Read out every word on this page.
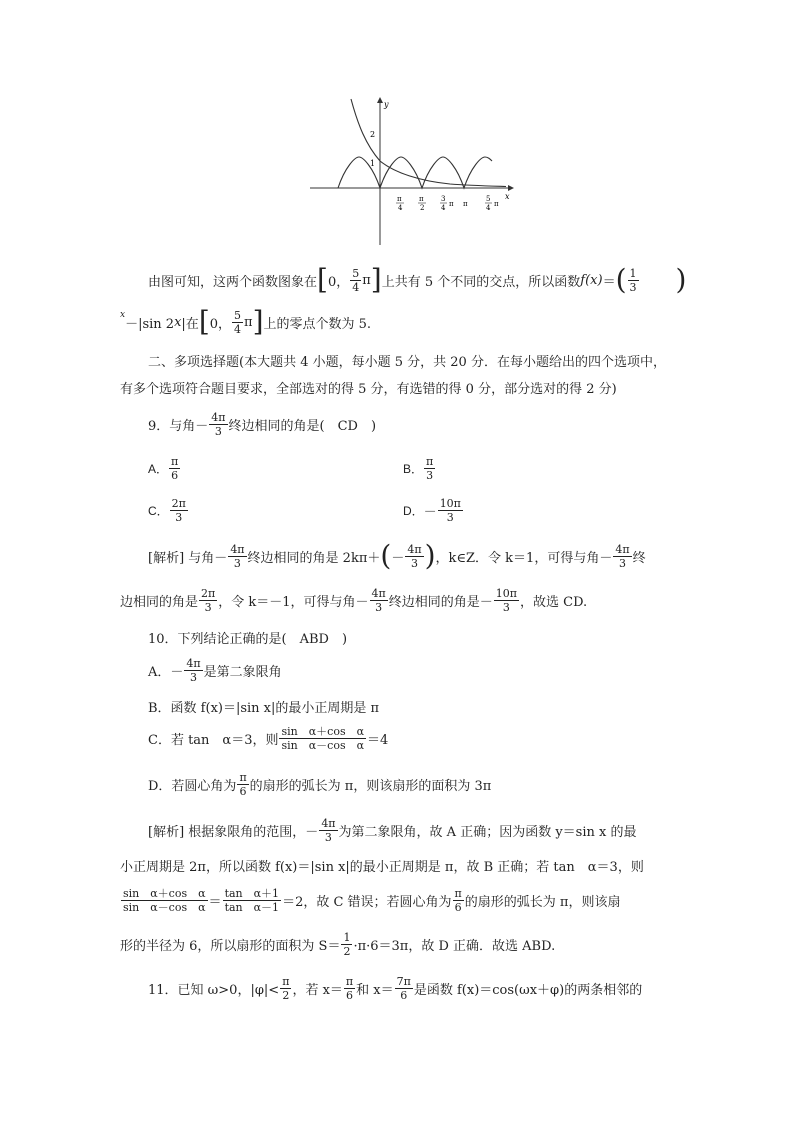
y
x
2
1
π
4
π
2
3
4 π π
5
4 π
由图可知，这两个函数图象在 [ 0， $\frac{5}{4}$ π ] 上共有 5 个不同的交点，所以函数 f(x) ＝ ( $\frac{1}{3}$ )
x
－|sin 2 x |在 [ 0， $\frac{5}{4}$ π ] 上的零点个数为 5.
二、多项选择题(本大题共 4 小题，每小题 5 分，共 20 分．在每小题给出的四个选项中，
有多个选项符合题目要求，全部选对的得 5 分，有选错的得 0 分，部分选对的得 2 分)
9．与角－ $\frac{4\pi}{3}$ 终边相同的角是(　CD　)
A． $\frac{\pi}{6}$	B． $\frac{\pi}{3}$
C． $\frac{2\pi}{3}$	D． － $\frac{10\pi}{3}$
[解析]
与角－ $\frac{4\pi}{3}$ 终边相同的角是 2kπ＋ ( － $\frac{4\pi}{3}$ ) ，k∈Z．令 k＝1，可得与角－ $\frac{4\pi}{3}$ 终
边相同的角是 $\frac{2\pi}{3}$ ，令 k＝－1，可得与角－ $\frac{4\pi}{3}$ 终边相同的角是－ $\frac{10\pi}{3}$ ，故选 CD.
10．下列结论正确的是(　ABD　)
A．－ $\frac{4\pi}{3}$ 是第二象限角
B．函数 f(x)＝|sin x|的最小正周期是 π
C．若 tan　α＝3，则 $\frac{\text{sin　α＋cos　α}}{\text{sin　α－cos　α}} =4$
D．若圆心角为 $\frac{\pi}{6}$ 的扇形的弧长为 π，则该扇形的面积为 3π
[解析]
根据象限角的范围，－ $\frac{4\pi}{3}$ 为第二象限角，故 A 正确；因为函数 y＝sin x 的最
小正周期是 2π，所以函数 f(x)＝|sin x|的最小正周期是 π，故 B 正确；若 tan　α＝3，则
$\frac{\text{sin　α＋cos　α}}{\text{sin　α－cos　α}} = \frac{\text{tan　α＋1}}{\text{tan　α－1}} =2$，故 C 错误；若圆心角为 $\frac{\pi}{6}$ 的扇形的弧长为 π，则该扇
形的半径为 6，所以扇形的面积为 $S= \frac{1}{2} \cdot\pi\cdot 6=3\pi$，故 D 正确．故选 ABD.
11．已知 ω>0，$|\varphi|< \frac{\pi}{2}$ ，若 $x= \frac{\pi}{6}$ 和 $x= \frac{7\pi}{6}$ 是函数 f(x)＝cos(ωx＋φ)的两条相邻的
